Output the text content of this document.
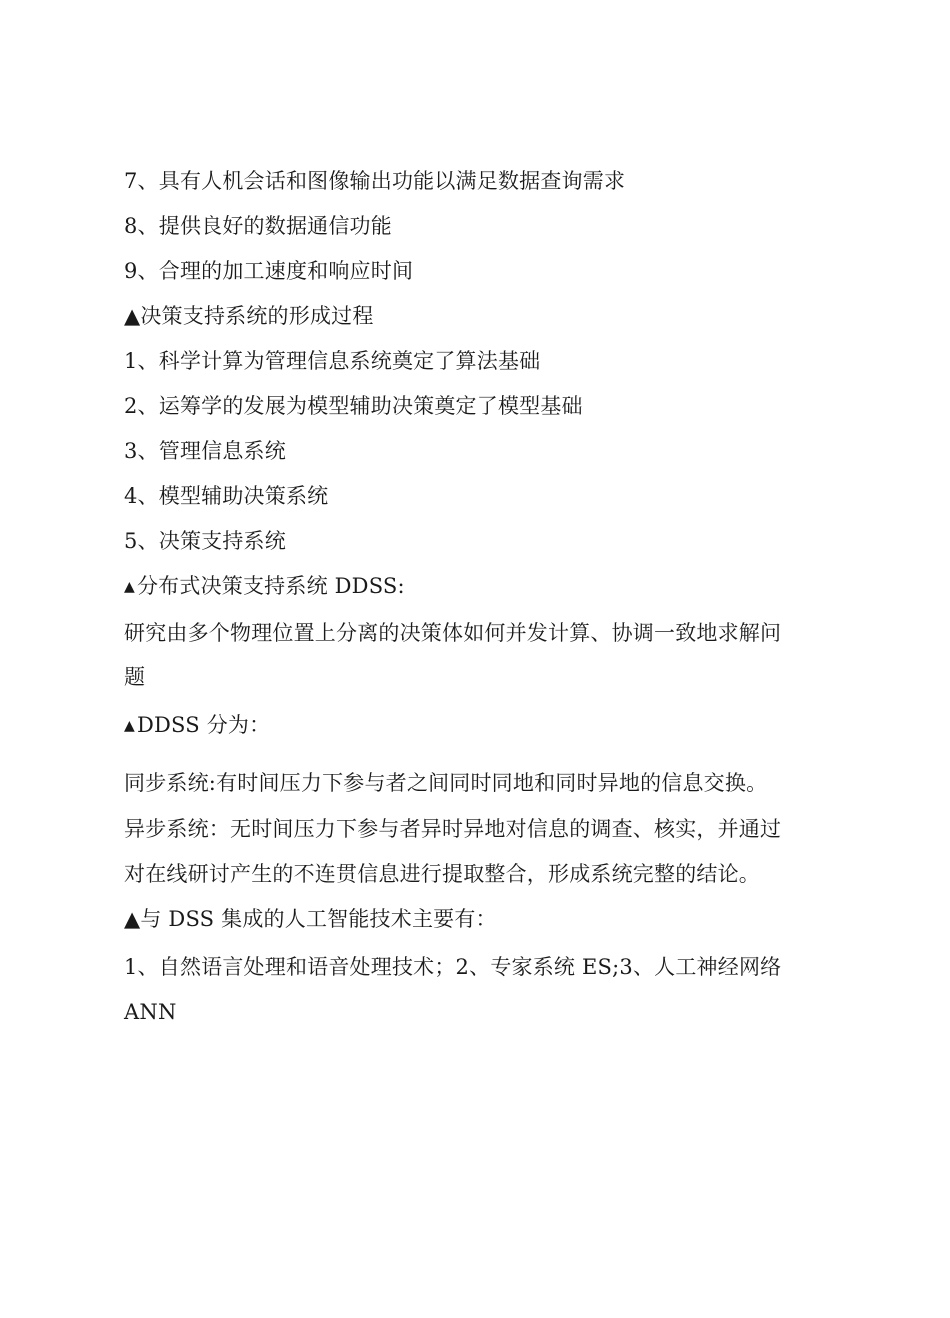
7、具有人机会话和图像输出功能以满足数据查询需求
8、提供良好的数据通信功能
9、合理的加工速度和响应时间
▲决策支持系统的形成过程
1、科学计算为管理信息系统奠定了算法基础
2、运筹学的发展为模型辅助决策奠定了模型基础
3、管理信息系统
4、模型辅助决策系统
5、决策支持系统
▲分布式决策支持系统 DDSS:
研究由多个物理位置上分离的决策体如何并发计算、协调一致地求解问
题
▲DDSS 分为：
同步系统:有时间压力下参与者之间同时同地和同时异地的信息交换。
异步系统：无时间压力下参与者异时异地对信息的调查、核实，并通过
对在线研讨产生的不连贯信息进行提取整合，形成系统完整的结论。
▲与 DSS 集成的人工智能技术主要有：
1、自然语言处理和语音处理技术；2、专家系统 ES;3、人工神经网络
ANN
